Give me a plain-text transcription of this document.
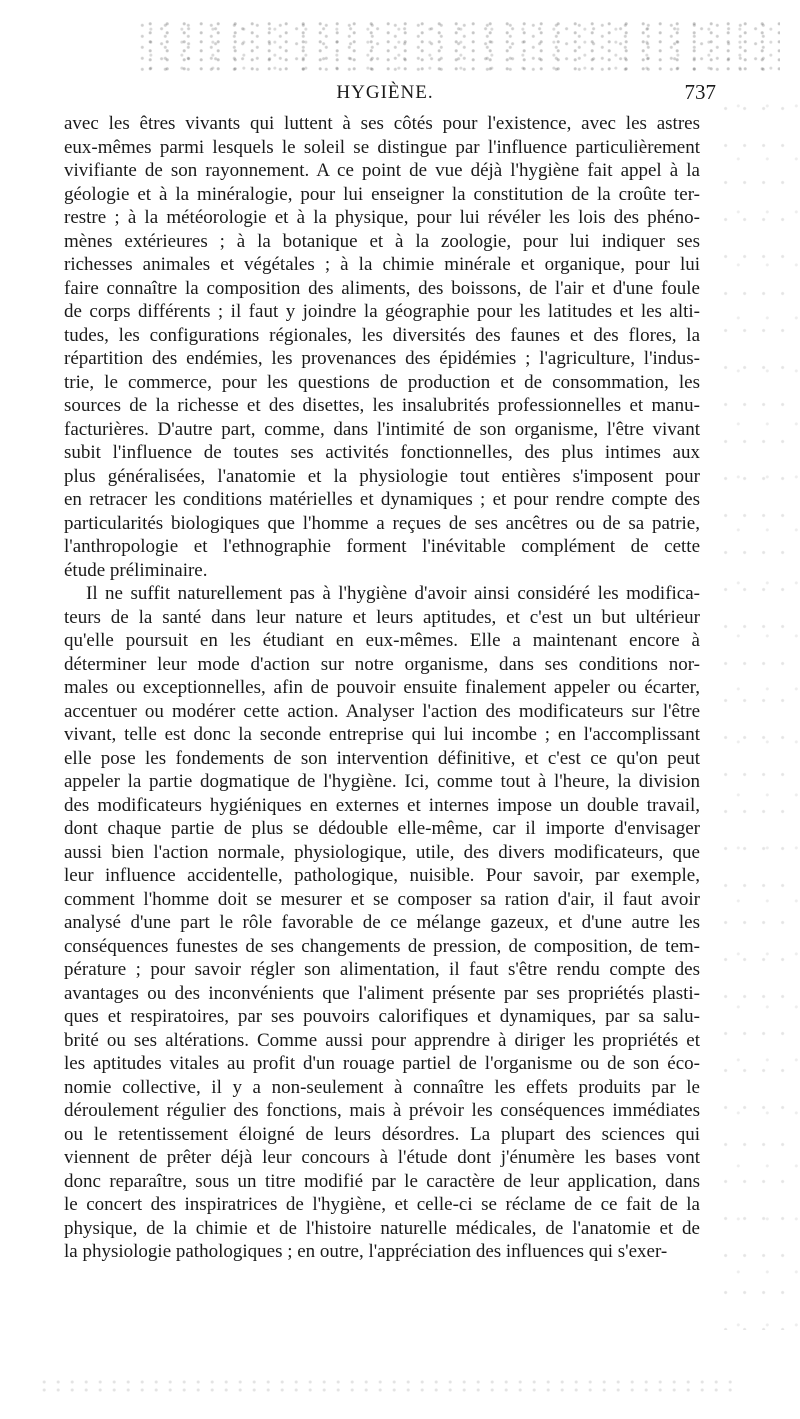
HYGIÈNE.	737
avec les êtres vivants qui luttent à ses côtés pour l'existence, avec les astres
eux-mêmes parmi lesquels le soleil se distingue par l'influence particulièrement
vivifiante de son rayonnement. A ce point de vue déjà l'hygiène fait appel à la
géologie et à la minéralogie, pour lui enseigner la constitution de la croûte ter-
restre ; à la météorologie et à la physique, pour lui révéler les lois des phéno-
mènes extérieures ; à la botanique et à la zoologie, pour lui indiquer ses
richesses animales et végétales ; à la chimie minérale et organique, pour lui
faire connaître la composition des aliments, des boissons, de l'air et d'une foule
de corps différents ; il faut y joindre la géographie pour les latitudes et les alti-
tudes, les configurations régionales, les diversités des faunes et des flores, la
répartition des endémies, les provenances des épidémies ; l'agriculture, l'indus-
trie, le commerce, pour les questions de production et de consommation, les
sources de la richesse et des disettes, les insalubrités professionnelles et manu-
facturières. D'autre part, comme, dans l'intimité de son organisme, l'être vivant
subit l'influence de toutes ses activités fonctionnelles, des plus intimes aux
plus généralisées, l'anatomie et la physiologie tout entières s'imposent pour
en retracer les conditions matérielles et dynamiques ; et pour rendre compte des
particularités biologiques que l'homme a reçues de ses ancêtres ou de sa patrie,
l'anthropologie et l'ethnographie forment l'inévitable complément de cette
étude préliminaire.
Il ne suffit naturellement pas à l'hygiène d'avoir ainsi considéré les modifica-
teurs de la santé dans leur nature et leurs aptitudes, et c'est un but ultérieur
qu'elle poursuit en les étudiant en eux-mêmes. Elle a maintenant encore à
déterminer leur mode d'action sur notre organisme, dans ses conditions nor-
males ou exceptionnelles, afin de pouvoir ensuite finalement appeler ou écarter,
accentuer ou modérer cette action. Analyser l'action des modificateurs sur l'être
vivant, telle est donc la seconde entreprise qui lui incombe ; en l'accomplissant
elle pose les fondements de son intervention définitive, et c'est ce qu'on peut
appeler la partie dogmatique de l'hygiène. Ici, comme tout à l'heure, la division
des modificateurs hygiéniques en externes et internes impose un double travail,
dont chaque partie de plus se dédouble elle-même, car il importe d'envisager
aussi bien l'action normale, physiologique, utile, des divers modificateurs, que
leur influence accidentelle, pathologique, nuisible. Pour savoir, par exemple,
comment l'homme doit se mesurer et se composer sa ration d'air, il faut avoir
analysé d'une part le rôle favorable de ce mélange gazeux, et d'une autre les
conséquences funestes de ses changements de pression, de composition, de tem-
pérature ; pour savoir régler son alimentation, il faut s'être rendu compte des
avantages ou des inconvénients que l'aliment présente par ses propriétés plasti-
ques et respiratoires, par ses pouvoirs calorifiques et dynamiques, par sa salu-
brité ou ses altérations. Comme aussi pour apprendre à diriger les propriétés et
les aptitudes vitales au profit d'un rouage partiel de l'organisme ou de son éco-
nomie collective, il y a non-seulement à connaître les effets produits par le
déroulement régulier des fonctions, mais à prévoir les conséquences immédiates
ou le retentissement éloigné de leurs désordres. La plupart des sciences qui
viennent de prêter déjà leur concours à l'étude dont j'énumère les bases vont
donc reparaître, sous un titre modifié par le caractère de leur application, dans
le concert des inspiratrices de l'hygiène, et celle-ci se réclame de ce fait de la
physique, de la chimie et de l'histoire naturelle médicales, de l'anatomie et de
la physiologie pathologiques ; en outre, l'appréciation des influences qui s'exer-
